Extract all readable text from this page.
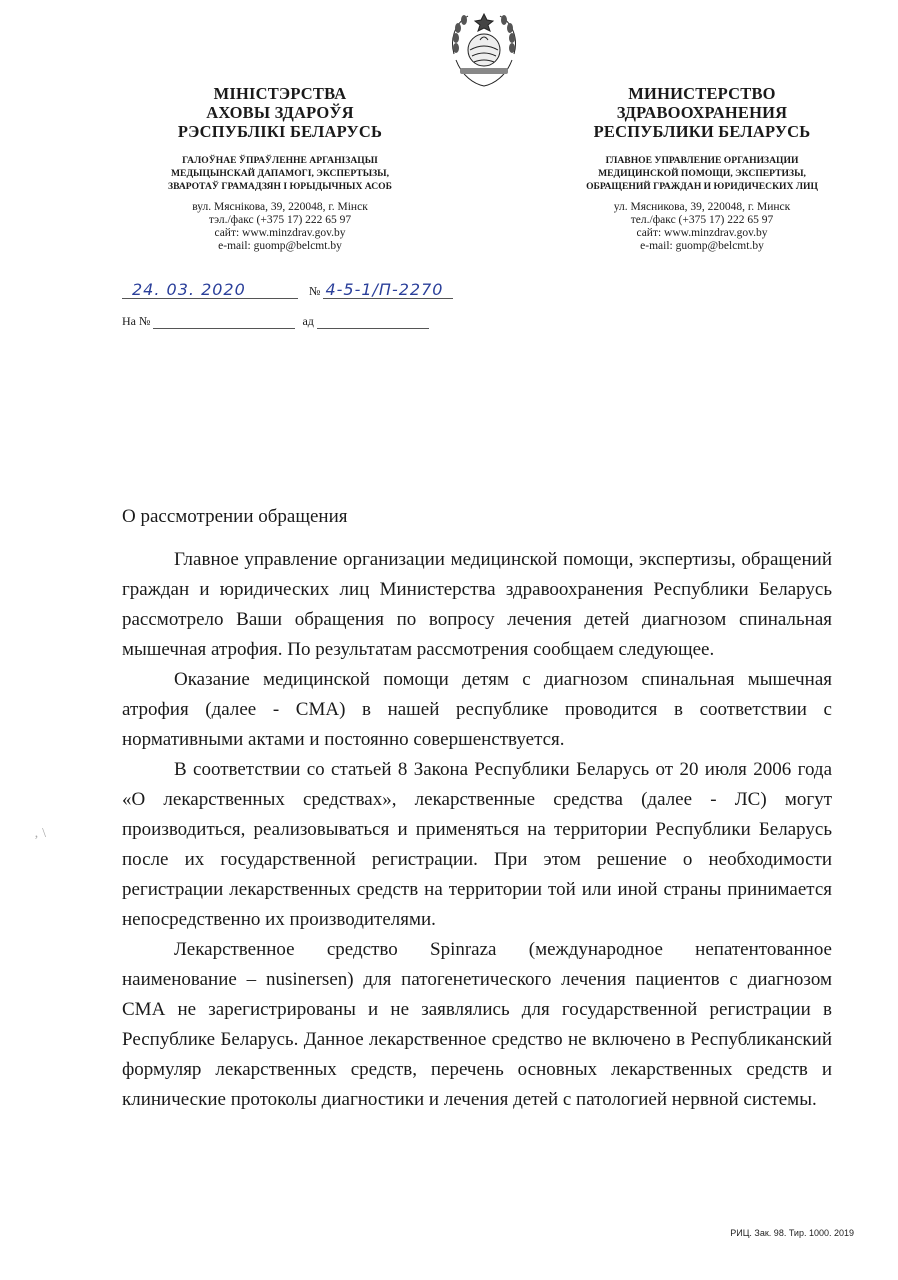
МІНІСТЭРСТВА

АХОВЫ ЗДАРОЎЯ

РЭСПУБЛІКІ БЕЛАРУСЬ

ГАЛОЎНАЕ ЎПРАЎЛЕННЕ АРГАНІЗАЦЫІ
МЕДЫЦЫНСКАЙ ДАПАМОГІ, ЭКСПЕРТЫЗЫ,
ЗВАРОТАЎ ГРАМАДЗЯН І ЮРЫДЫЧНЫХ АСОБ
вул. Мяснікова, 39, 220048, г. Мінск
тэл./факс (+375 17) 222 65 97
сайт: www.minzdrav.gov.by
e-mail: guomp@belcmt.by

МИНИСТЕРСТВО

ЗДРАВООХРАНЕНИЯ

РЕСПУБЛИКИ БЕЛАРУСЬ

ГЛАВНОЕ УПРАВЛЕНИЕ ОРГАНИЗАЦИИ
МЕДИЦИНСКОЙ ПОМОЩИ, ЭКСПЕРТИЗЫ,
ОБРАЩЕНИЙ ГРАЖДАН И ЮРИДИЧЕСКИХ ЛИЦ
ул. Мясникова, 39, 220048, г. Минск
тел./факс (+375 17) 222 65 97
сайт: www.minzdrav.gov.by
e-mail: guomp@belcmt.by
24. 03. 2020	№ 4-5-1/П-2270
На №	ад
О рассмотрении обращения

Главное управление организации медицинской помощи, экспертизы, обращений граждан и юридических лиц Министерства здравоохранения Республики Беларусь рассмотрело Ваши обращения по вопросу лечения детей диагнозом спинальная мышечная атрофия. По результатам рассмотрения сообщаем следующее.

Оказание медицинской помощи детям с диагнозом спинальная мышечная атрофия (далее - СМА) в нашей республике проводится в соответствии с нормативными актами и постоянно совершенствуется.

В соответствии со статьей 8 Закона Республики Беларусь от 20 июля 2006 года «О лекарственных средствах», лекарственные средства (далее - ЛС) могут производиться, реализовываться и применяться на территории Республики Беларусь после их государственной регистрации. При этом решение о необходимости регистрации лекарственных средств на территории той или иной страны принимается непосредственно их производителями.

Лекарственное средство Spinraza (международное непатентованное наименование – nusinersen) для патогенетического лечения пациентов с диагнозом СМА не зарегистрированы и не заявлялись для государственной регистрации в Республике Беларусь. Данное лекарственное средство не включено в Республиканский формуляр лекарственных средств, перечень основных лекарственных средств и клинические протоколы диагностики и лечения детей с патологией нервной системы.

‚ \
РИЦ. Зак. 98. Тир. 1000. 2019
